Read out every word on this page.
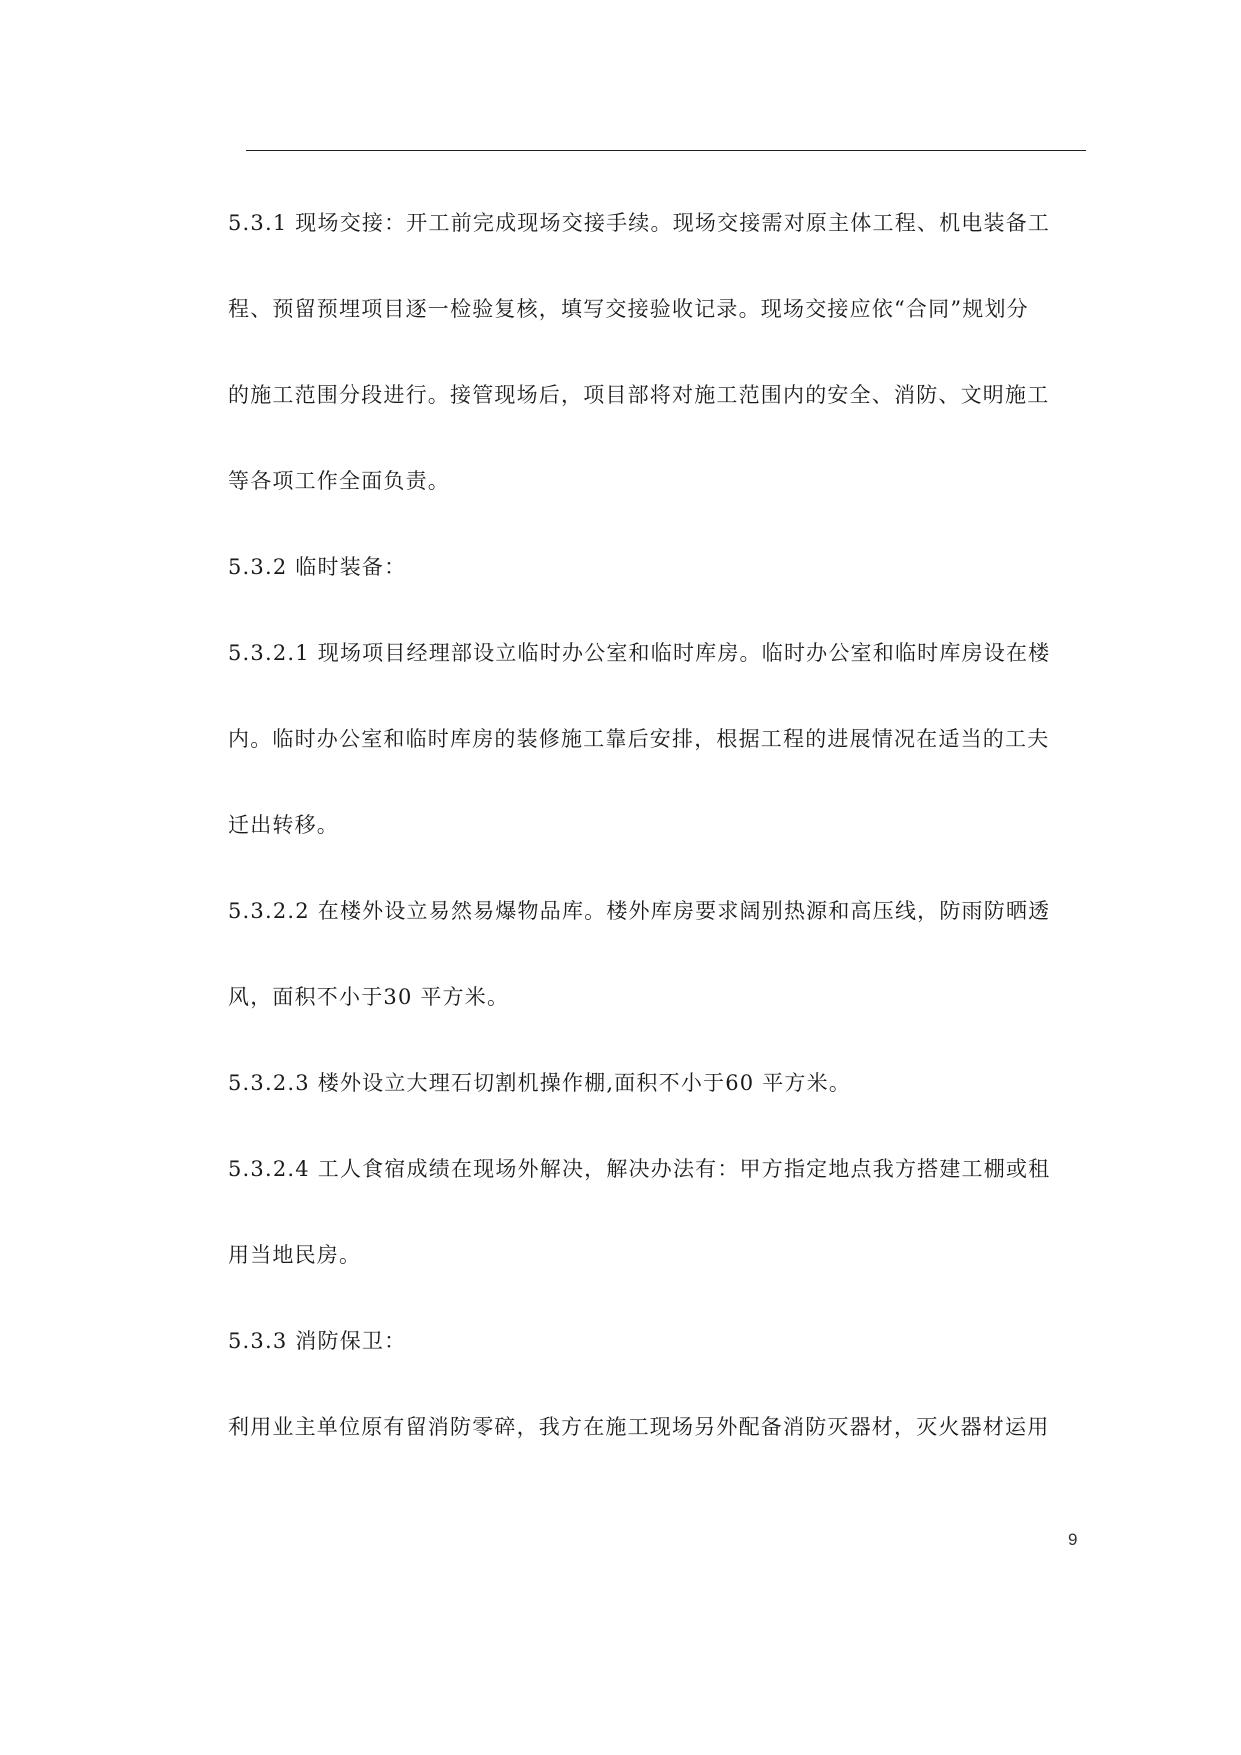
5.3.1 现场交接：开工前完成现场交接手续。现场交接需对原主体工程、机电装备工
程、预留预埋项目逐一检验复核，填写交接验收记录。现场交接应依“合同”规划分
的施工范围分段进行。接管现场后，项目部将对施工范围内的安全、消防、文明施工
等各项工作全面负责。
5.3.2 临时装备：
5.3.2.1 现场项目经理部设立临时办公室和临时库房。临时办公室和临时库房设在楼
内。临时办公室和临时库房的装修施工靠后安排，根据工程的进展情况在适当的工夫
迁出转移。
5.3.2.2 在楼外设立易然易爆物品库。楼外库房要求阔别热源和高压线，防雨防晒透
风，面积不小于30 平方米。
5.3.2.3 楼外设立大理石切割机操作棚,面积不小于60 平方米。
5.3.2.4 工人食宿成绩在现场外解决，解决办法有：甲方指定地点我方搭建工棚或租
用当地民房。
5.3.3 消防保卫：
利用业主单位原有留消防零碎，我方在施工现场另外配备消防灭器材，灭火器材运用
9
